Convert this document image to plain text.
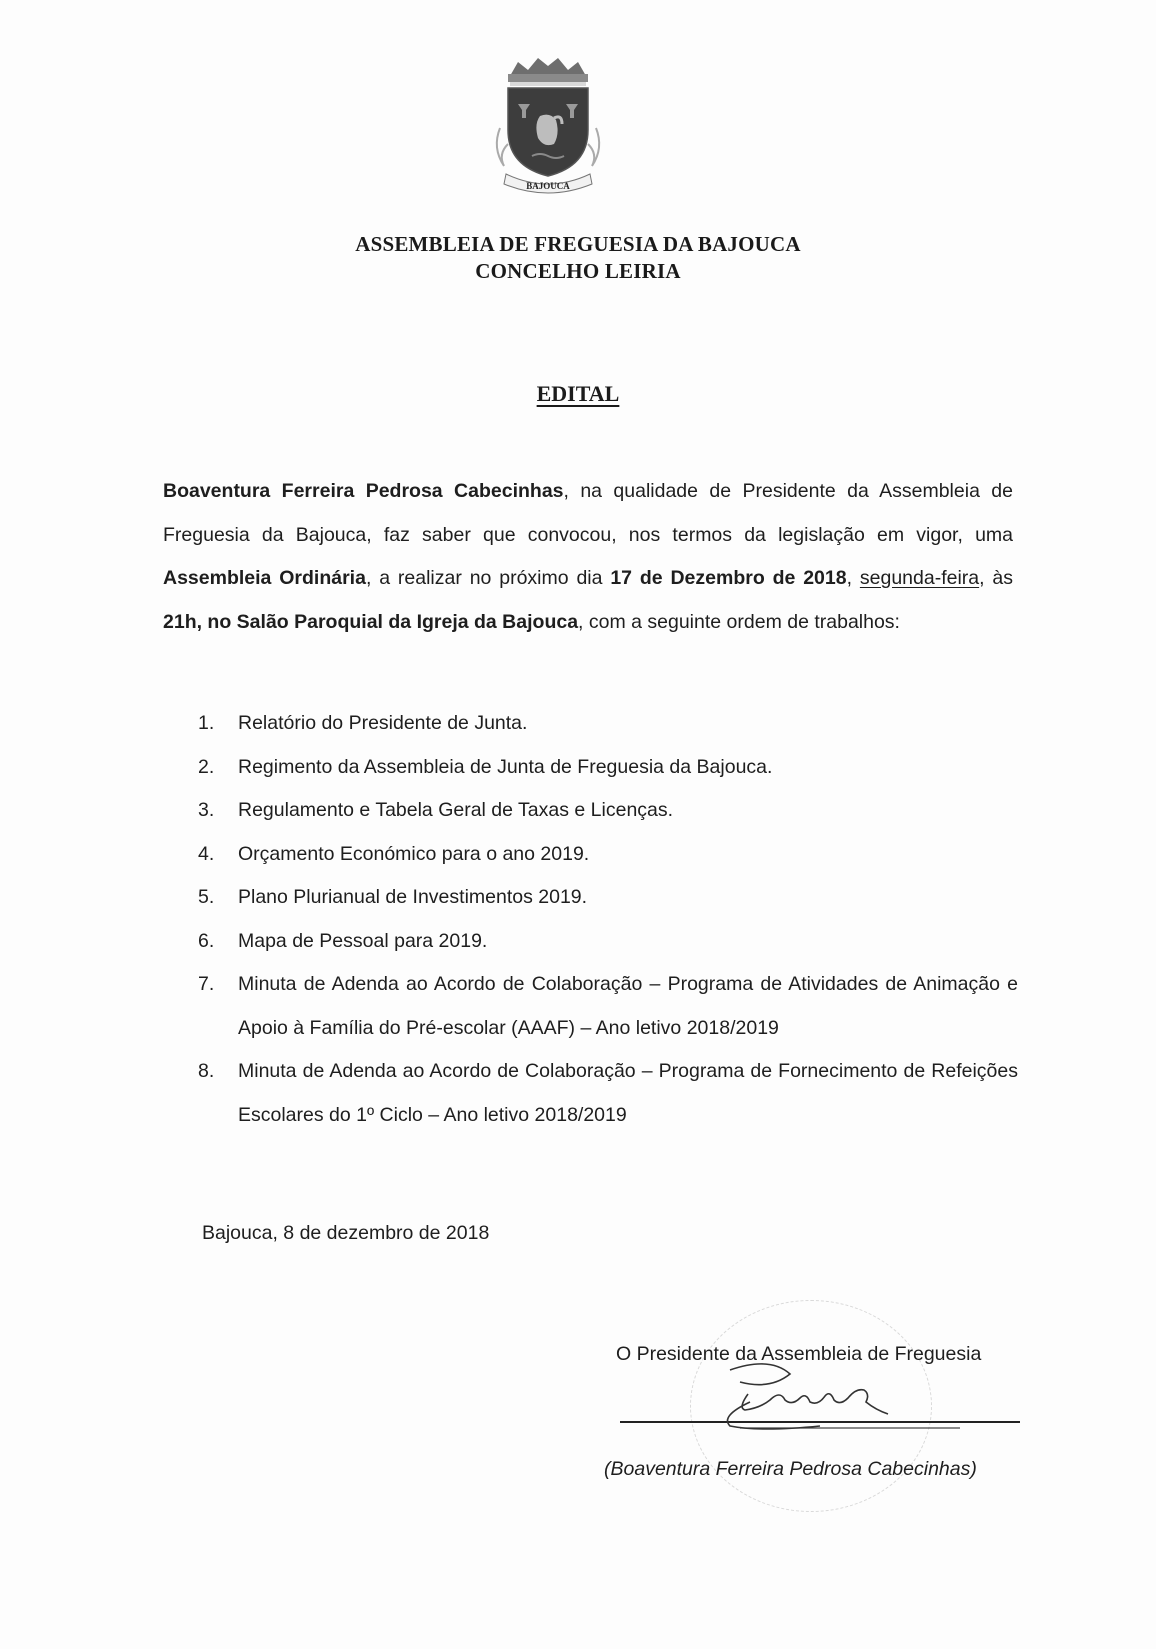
BAJOUCA
ASSEMBLEIA DE FREGUESIA DA BAJOUCA
CONCELHO LEIRIA
EDITAL
Boaventura Ferreira Pedrosa Cabecinhas, na qualidade de Presidente da Assembleia de Freguesia da Bajouca, faz saber que convocou, nos termos da legislação em vigor, uma Assembleia Ordinária, a realizar no próximo dia 17 de Dezembro de 2018, segunda-feira, às 21h, no Salão Paroquial da Igreja da Bajouca, com a seguinte ordem de trabalhos:
1. Relatório do Presidente de Junta.
2. Regimento da Assembleia de Junta de Freguesia da Bajouca.
3. Regulamento e Tabela Geral de Taxas e Licenças.
4. Orçamento Económico para o ano 2019.
5. Plano Plurianual de Investimentos 2019.
6. Mapa de Pessoal para 2019.
7. Minuta de Adenda ao Acordo de Colaboração – Programa de Atividades de Animação e Apoio à Família do Pré-escolar (AAAF) – Ano letivo 2018/2019
8. Minuta de Adenda ao Acordo de Colaboração – Programa de Fornecimento de Refeições Escolares do 1º Ciclo – Ano letivo 2018/2019
Bajouca, 8 de dezembro de 2018
O Presidente da Assembleia de Freguesia
(Boaventura Ferreira Pedrosa Cabecinhas)
